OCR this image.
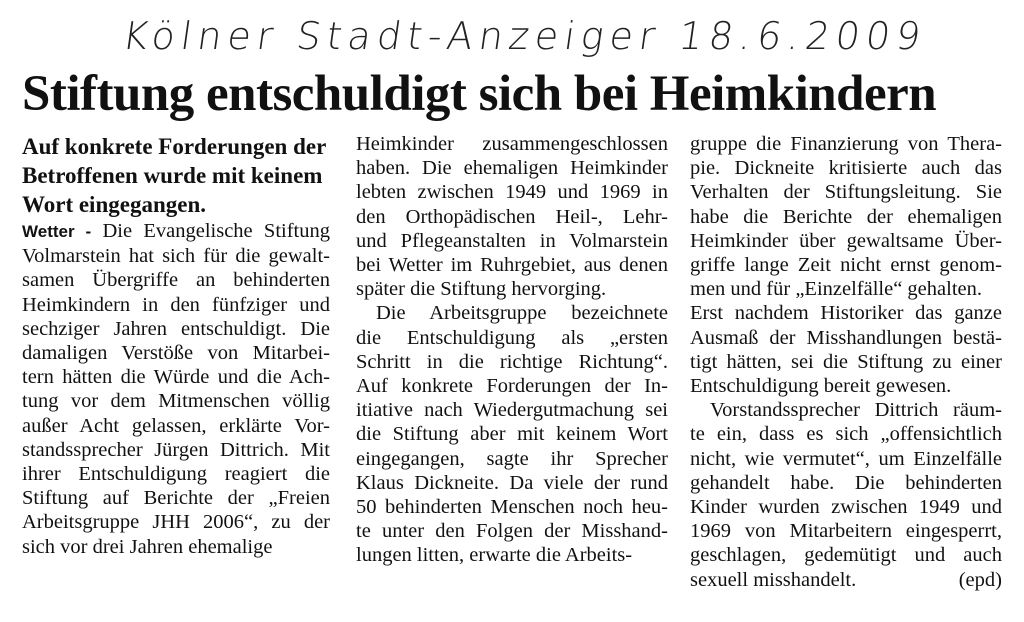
Kölner Stadt-Anzeiger 18.6.2009
Stiftung entschuldigt sich bei Heimkindern

Auf konkrete Forderungen der Betroffenen wurde mit keinem Wort eingegangen.

Wetter - Die Evangelische Stiftung
Volmarstein hat sich für die gewalt-
samen Übergriffe an behinderten
Heimkindern in den fünfziger und
sechziger Jahren entschuldigt. Die
damaligen Verstöße von Mitarbei-
tern hätten die Würde und die Ach-
tung vor dem Mitmenschen völlig
außer Acht gelassen, erklärte Vor-
standssprecher Jürgen Dittrich. Mit
ihrer Entschuldigung reagiert die
Stiftung auf Berichte der „Freien
Arbeitsgruppe JHH 2006“, zu der
sich vor drei Jahren ehemalige
Heimkinder zusammengeschlossen
haben. Die ehemaligen Heimkinder
lebten zwischen 1949 und 1969 in
den Orthopädischen Heil-, Lehr-
und Pflegeanstalten in Volmarstein
bei Wetter im Ruhrgebiet, aus denen
später die Stiftung hervorging.
Die Arbeitsgruppe bezeichnete
die Entschuldigung als „ersten
Schritt in die richtige Richtung“.
Auf konkrete Forderungen der In-
itiative nach Wiedergutmachung sei
die Stiftung aber mit keinem Wort
eingegangen, sagte ihr Sprecher
Klaus Dickneite. Da viele der rund
50 behinderten Menschen noch heu-
te unter den Folgen der Misshand-
lungen litten, erwarte die Arbeits-
gruppe die Finanzierung von Thera-
pie. Dickneite kritisierte auch das
Verhalten der Stiftungsleitung. Sie
habe die Berichte der ehemaligen
Heimkinder über gewaltsame Über-
griffe lange Zeit nicht ernst genom-
men und für „Einzelfälle“ gehalten.
Erst nachdem Historiker das ganze
Ausmaß der Misshandlungen bestä-
tigt hätten, sei die Stiftung zu einer
Entschuldigung bereit gewesen.
Vorstandssprecher Dittrich räum-
te ein, dass es sich „offensichtlich
nicht, wie vermutet“, um Einzelfälle
gehandelt habe. Die behinderten
Kinder wurden zwischen 1949 und
1969 von Mitarbeitern eingesperrt,
geschlagen, gedemütigt und auch
sexuell misshandelt.	(epd)
